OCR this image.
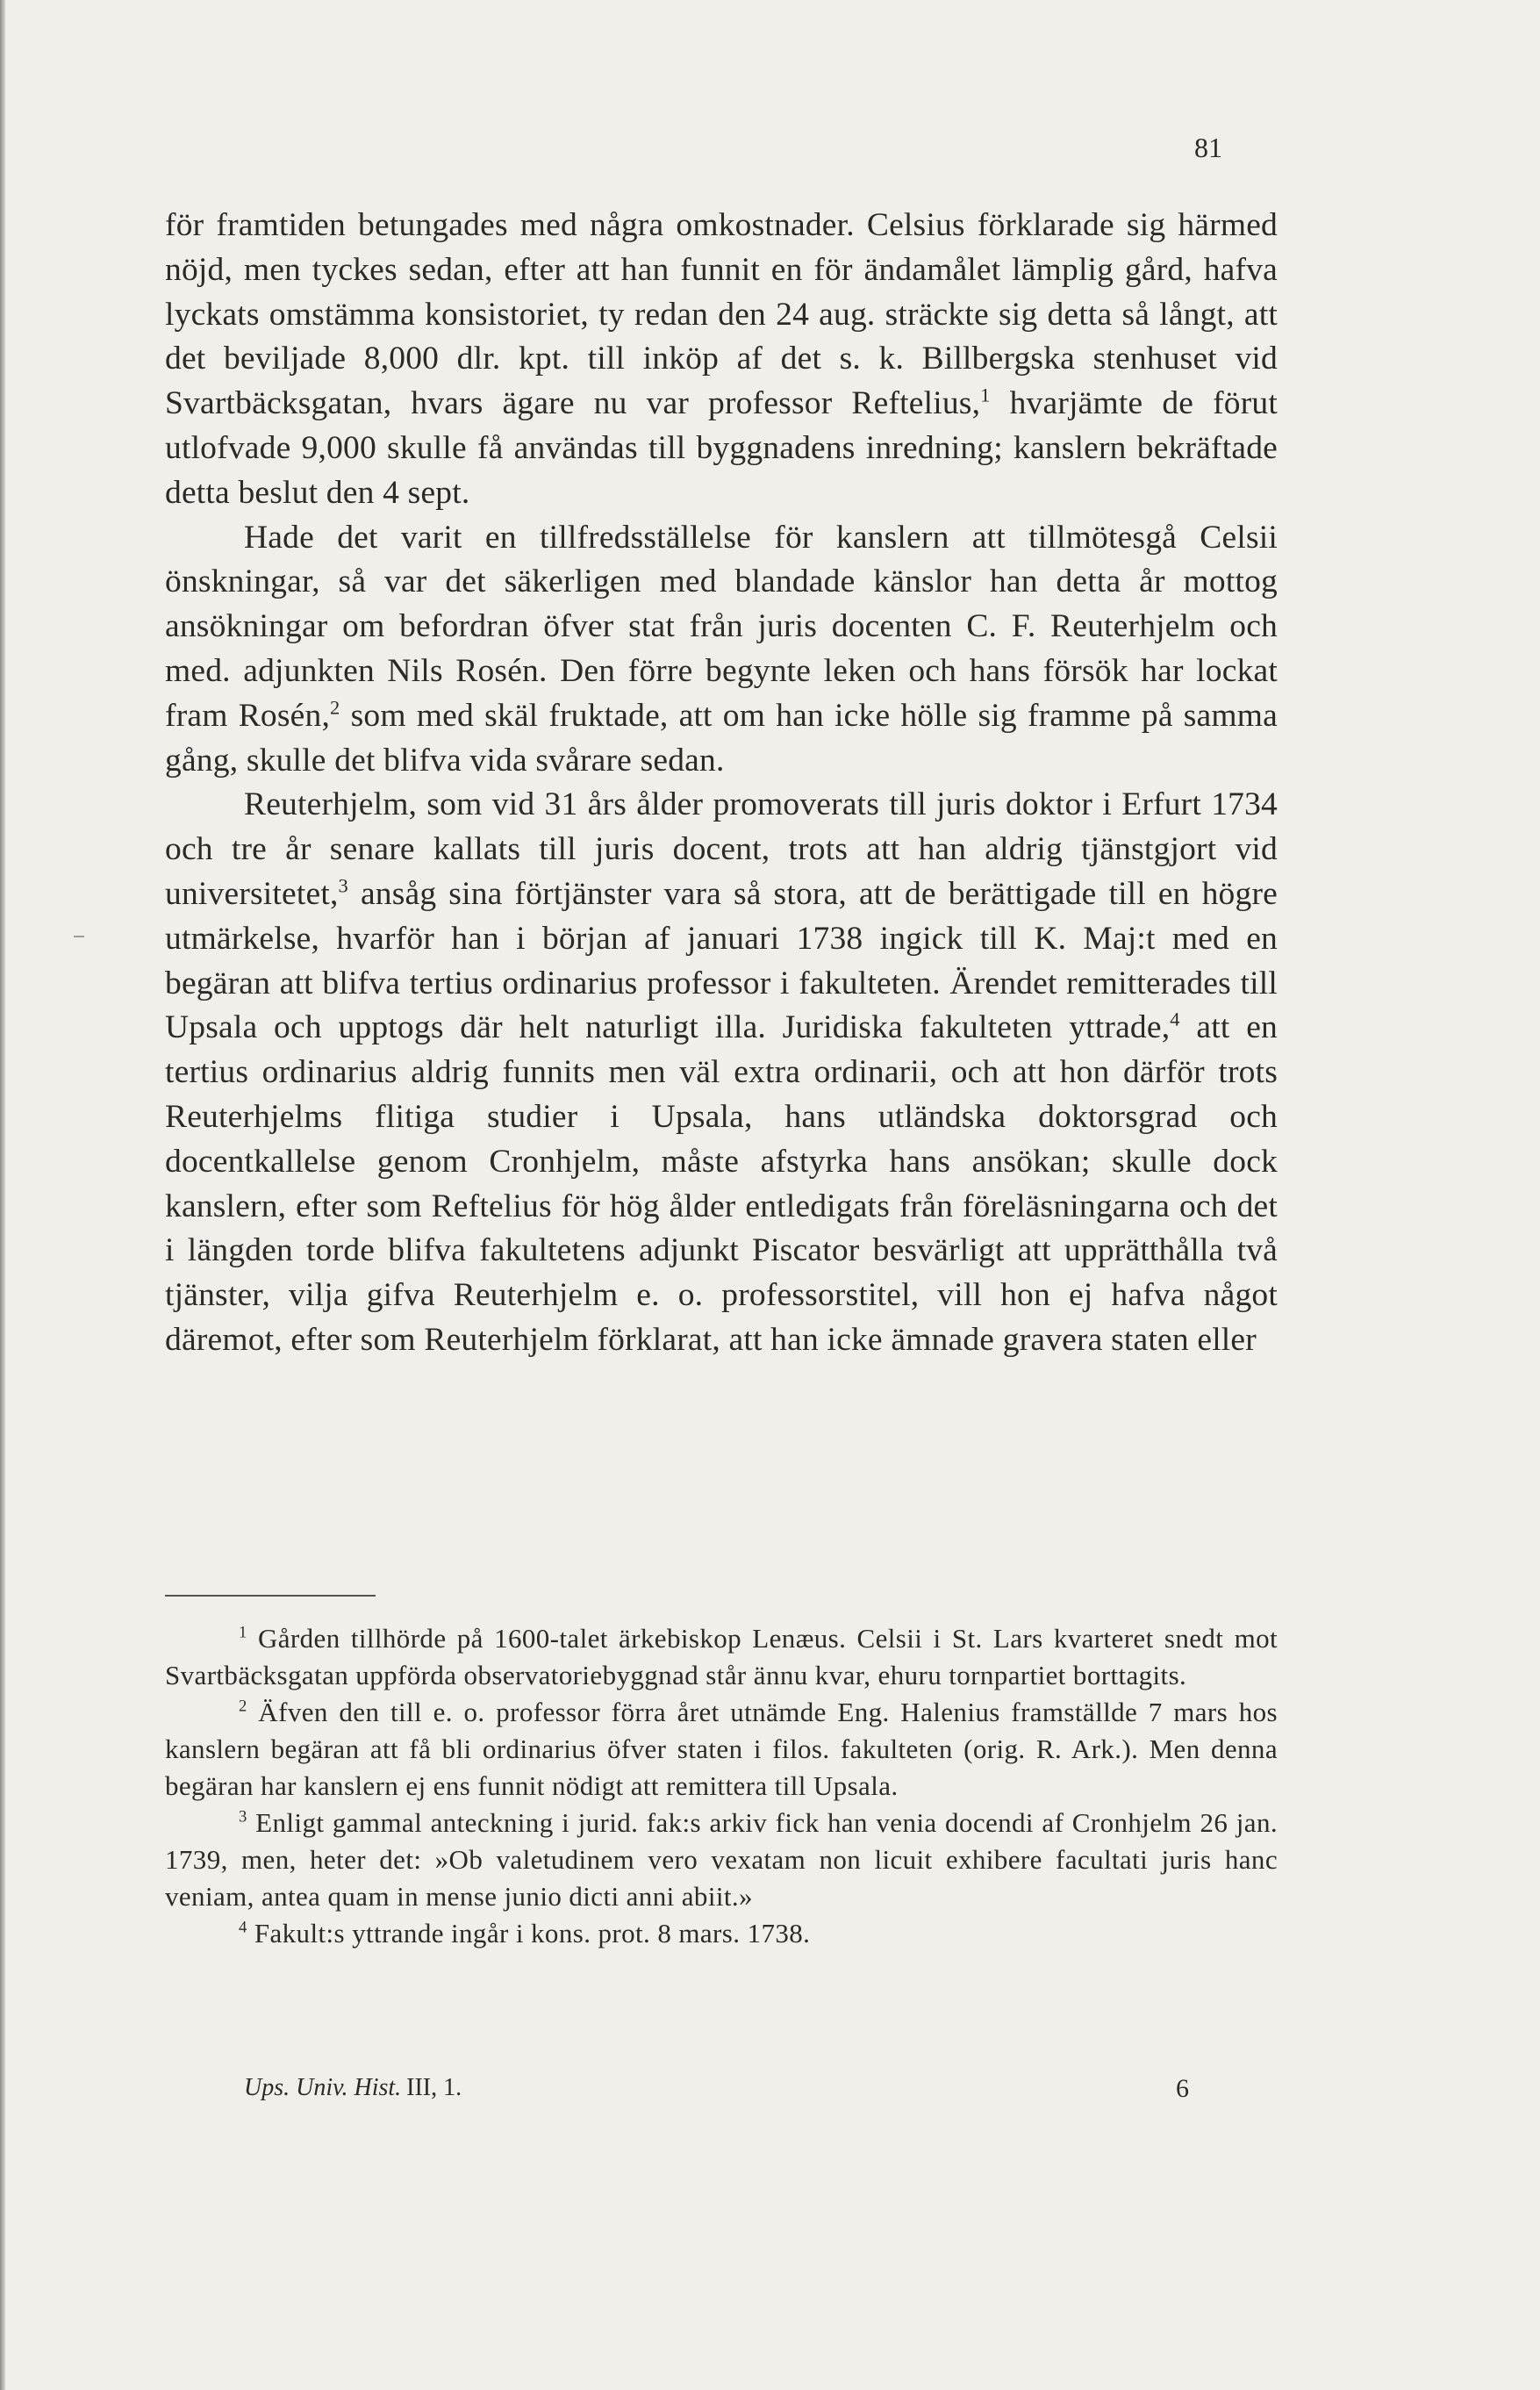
81

för framtiden betungades med några omkostnader. Celsius förklarade sig härmed nöjd, men tyckes sedan, efter att han funnit en för ändamålet lämplig gård, hafva lyckats omstämma konsistoriet, ty redan den 24 aug. sträckte sig detta så långt, att det beviljade 8,000 dlr. kpt. till inköp af det s. k. Billbergska stenhuset vid Svartbäcksgatan, hvars ägare nu var professor Reftelius,$^1$ hvarjämte de förut utlofvade 9,000 skulle få användas till byggnadens inredning; kanslern bekräftade detta beslut den 4 sept.

Hade det varit en tillfredsställelse för kanslern att tillmötesgå Celsii önskningar, så var det säkerligen med blandade känslor han detta år mottog ansökningar om befordran öfver stat från juris docenten C. F. Reuterhjelm och med. adjunkten Nils Rosén. Den förre begynte leken och hans försök har lockat fram Rosén,$^2$ som med skäl fruktade, att om han icke hölle sig framme på samma gång, skulle det blifva vida svårare sedan.

Reuterhjelm, som vid 31 års ålder promoverats till juris doktor i Erfurt 1734 och tre år senare kallats till juris docent, trots att han aldrig tjänstgjort vid universitetet,$^3$ ansåg sina förtjänster vara så stora, att de berättigade till en högre utmärkelse, hvarför han i början af januari 1738 ingick till K. Maj:t med en begäran att blifva tertius ordinarius professor i fakulteten. Ärendet remitterades till Upsala och upptogs där helt naturligt illa. Juridiska fakulteten yttrade,$^4$ att en tertius ordinarius aldrig funnits men väl extra ordinarii, och att hon därför trots Reuterhjelms flitiga studier i Upsala, hans utländska doktorsgrad och docentkallelse genom Cronhjelm, måste afstyrka hans ansökan; skulle dock kanslern, efter som Reftelius för hög ålder entledigats från föreläsningarna och det i längden torde blifva fakultetens adjunkt Piscator besvärligt att upprätthålla två tjänster, vilja gifva Reuterhjelm e. o. professorstitel, vill hon ej hafva något däremot, efter som Reuterhjelm förklarat, att han icke ämnade gravera staten eller

$^1$ Gården tillhörde på 1600-talet ärkebiskop Lenæus. Celsii i St. Lars kvarteret snedt mot Svartbäcksgatan uppförda observatoriebyggnad står ännu kvar, ehuru tornpartiet borttagits.

$^2$ Äfven den till e. o. professor förra året utnämde Eng. Halenius framställde 7 mars hos kanslern begäran att få bli ordinarius öfver staten i filos. fakulteten (orig. R. Ark.). Men denna begäran har kanslern ej ens funnit nödigt att remittera till Upsala.

$^3$ Enligt gammal anteckning i jurid. fak:s arkiv fick han venia docendi af Cronhjelm 26 jan. 1739, men, heter det: »Ob valetudinem vero vexatam non licuit exhibere facultati juris hanc veniam, antea quam in mense junio dicti anni abiit.»

$^4$ Fakult:s yttrande ingår i kons. prot. 8 mars. 1738.

Ups. Univ. Hist. III, 1.	6
